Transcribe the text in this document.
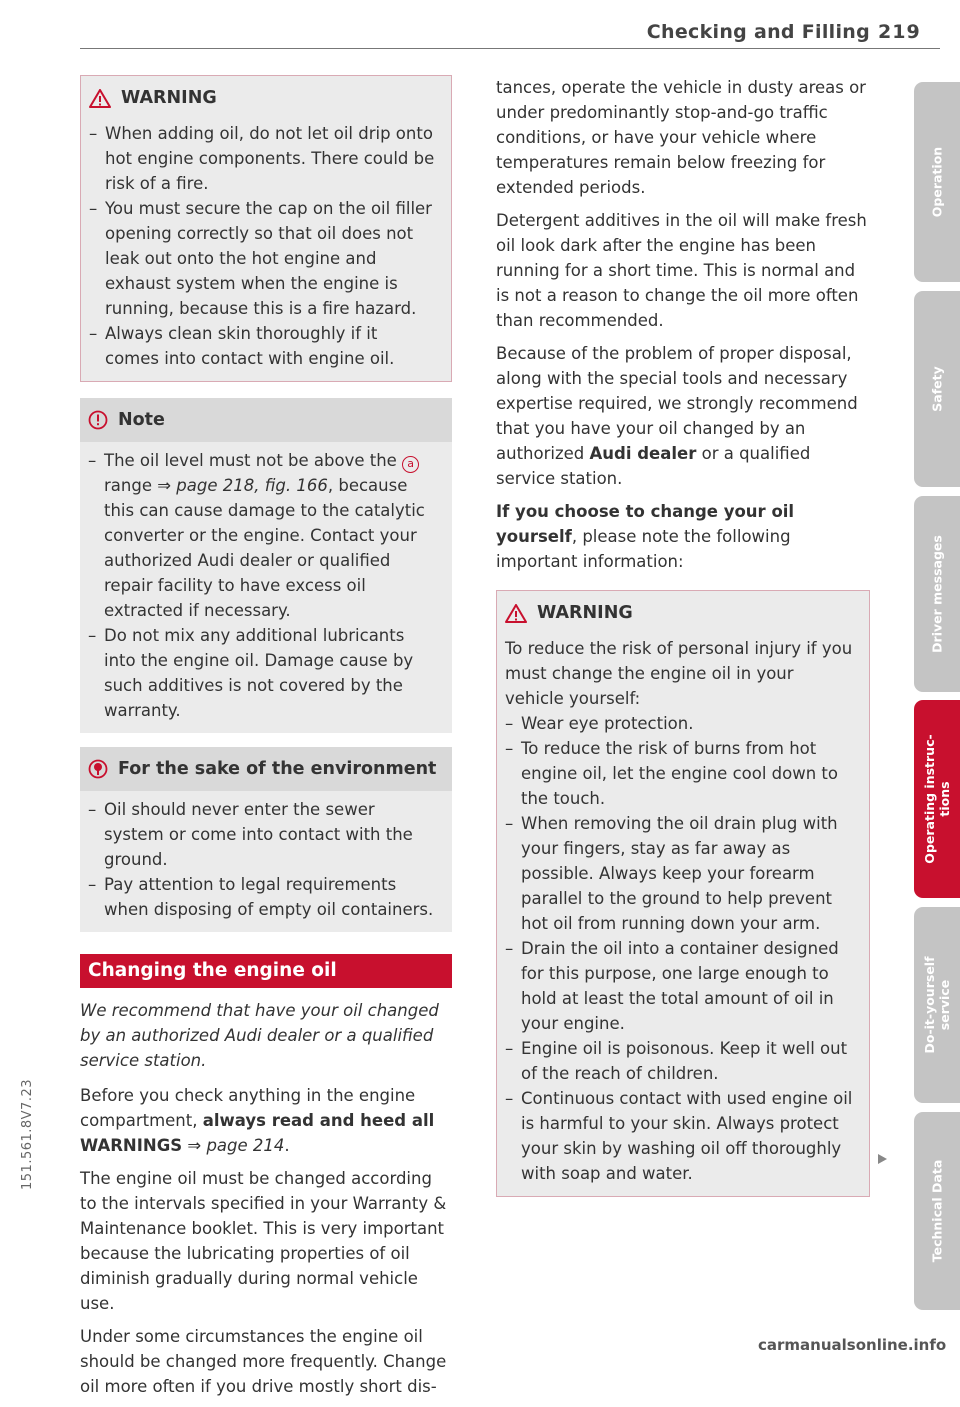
Checking and Filling 219
WARNING
– When adding oil, do not let oil drip onto hot engine components. There could be risk of a fire.
– You must secure the cap on the oil filler opening correctly so that oil does not leak out onto the hot engine and exhaust system when the engine is running, because this is a fire hazard.
– Always clean skin thoroughly if it comes into contact with engine oil.
Note
– The oil level must not be above the a range ⇒ page 218, fig. 166, because this can cause damage to the catalytic converter or the engine. Contact your authorized Audi dealer or qualified repair facility to have excess oil extracted if necessary.
– Do not mix any additional lubricants into the engine oil. Damage cause by such additives is not covered by the warranty.
For the sake of the environment
– Oil should never enter the sewer system or come into contact with the ground.
– Pay attention to legal requirements when disposing of empty oil containers.
Changing the engine oil

We recommend that have your oil changed by an authorized Audi dealer or a qualified service station.

Before you check anything in the engine compartment, always read and heed all WARNINGS ⇒ page 214.

The engine oil must be changed according to the intervals specified in your Warranty & Maintenance booklet. This is very important because the lubricating properties of oil diminish gradually during normal vehicle use.

Under some circumstances the engine oil should be changed more frequently. Change oil more often if you drive mostly short dis-

tances, operate the vehicle in dusty areas or under predominantly stop-and-go traffic conditions, or have your vehicle where temperatures remain below freezing for extended periods.

Detergent additives in the oil will make fresh oil look dark after the engine has been running for a short time. This is normal and is not a reason to change the oil more often than recommended.

Because of the problem of proper disposal, along with the special tools and necessary expertise required, we strongly recommend that you have your oil changed by an authorized Audi dealer or a qualified service station.

If you choose to change your oil yourself, please note the following important information:

WARNING

To reduce the risk of personal injury if you must change the engine oil in your vehicle yourself:

– Wear eye protection.
– To reduce the risk of burns from hot engine oil, let the engine cool down to the touch.
– When removing the oil drain plug with your fingers, stay as far away as possible. Always keep your forearm parallel to the ground to help prevent hot oil from running down your arm.
– Drain the oil into a container designed for this purpose, one large enough to hold at least the total amount of oil in your engine.
– Engine oil is poisonous. Keep it well out of the reach of children.
– Continuous contact with used engine oil is harmful to your skin. Always protect your skin by washing oil off thoroughly with soap and water.
Operation
Safety
Driver messages
Operating instruc-
tions
Do-it-yourself
service
Technical Data
151.561.8V7.23
carmanualsonline.info
